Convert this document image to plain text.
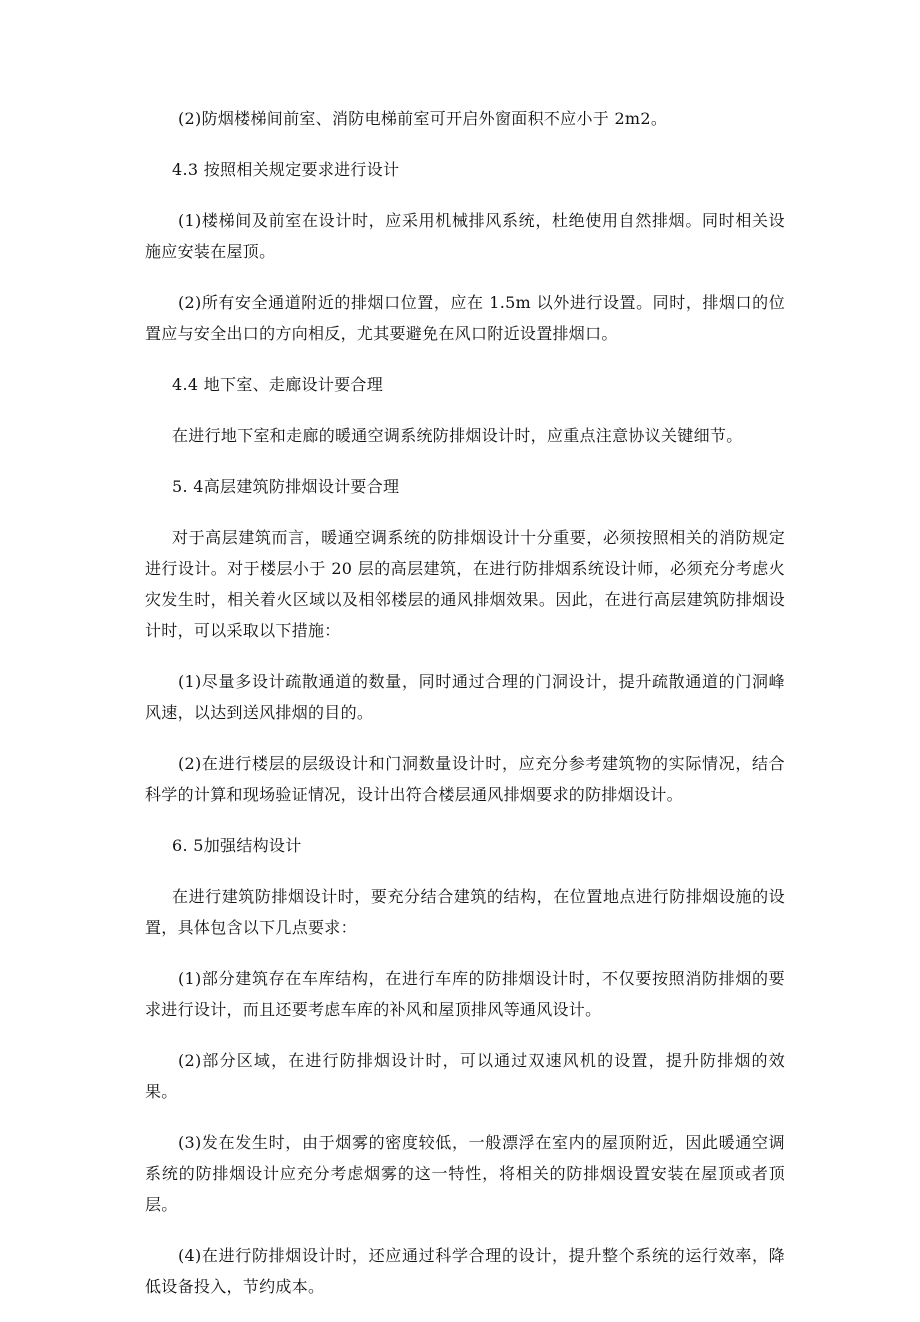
(2)防烟楼梯间前室、消防电梯前室可开启外窗面积不应小于 2m2。

4.3 按照相关规定要求进行设计

(1)楼梯间及前室在设计时，应采用机械排风系统，杜绝使用自然排烟。同时相关设施应安装在屋顶。

(2)所有安全通道附近的排烟口位置，应在 1.5m 以外进行设置。同时，排烟口的位置应与安全出口的方向相反，尤其要避免在风口附近设置排烟口。

4.4 地下室、走廊设计要合理

在进行地下室和走廊的暖通空调系统防排烟设计时，应重点注意协议关键细节。

5. 4高层建筑防排烟设计要合理

对于高层建筑而言，暖通空调系统的防排烟设计十分重要，必须按照相关的消防规定进行设计。对于楼层小于 20 层的高层建筑，在进行防排烟系统设计师，必须充分考虑火灾发生时，相关着火区域以及相邻楼层的通风排烟效果。因此，在进行高层建筑防排烟设计时，可以采取以下措施：

(1)尽量多设计疏散通道的数量，同时通过合理的门洞设计，提升疏散通道的门洞峰风速，以达到送风排烟的目的。

(2)在进行楼层的层级设计和门洞数量设计时，应充分参考建筑物的实际情况，结合科学的计算和现场验证情况，设计出符合楼层通风排烟要求的防排烟设计。

6. 5加强结构设计

在进行建筑防排烟设计时，要充分结合建筑的结构，在位置地点进行防排烟设施的设置，具体包含以下几点要求：

(1)部分建筑存在车库结构，在进行车库的防排烟设计时，不仅要按照消防排烟的要求进行设计，而且还要考虑车库的补风和屋顶排风等通风设计。

(2)部分区域，在进行防排烟设计时，可以通过双速风机的设置，提升防排烟的效果。

(3)发在发生时，由于烟雾的密度较低，一般漂浮在室内的屋顶附近，因此暖通空调系统的防排烟设计应充分考虑烟雾的这一特性，将相关的防排烟设置安装在屋顶或者顶层。

(4)在进行防排烟设计时，还应通过科学合理的设计，提升整个系统的运行效率，降低设备投入，节约成本。
